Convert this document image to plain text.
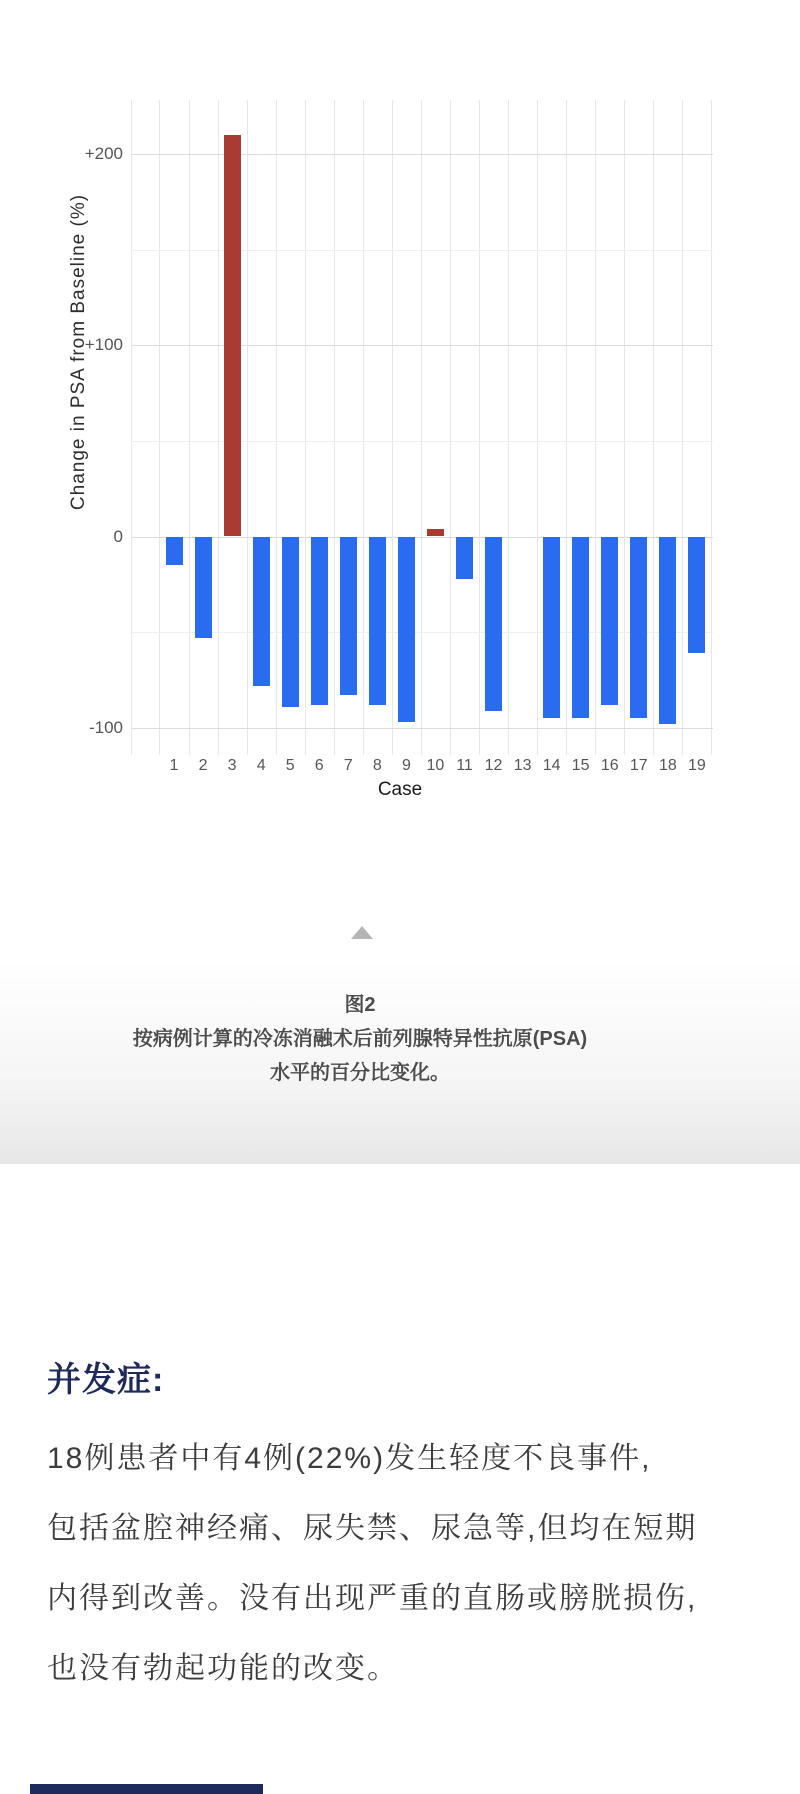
Change in PSA from Baseline (%)
+200
+100
0
-100
1	2	3	4	5	6	7	8	9 10 11 12 13 14 15 16 17 18 19
Case
图2
按病例计算的冷冻消融术后前列腺特异性抗原(PSA)
水平的百分比变化。
并发症:
18例患者中有4例(22%)发生轻度不良事件,
包括盆腔神经痛、尿失禁、尿急等,但均在短期
内得到改善。没有出现严重的直肠或膀胱损伤,
也没有勃起功能的改变。
